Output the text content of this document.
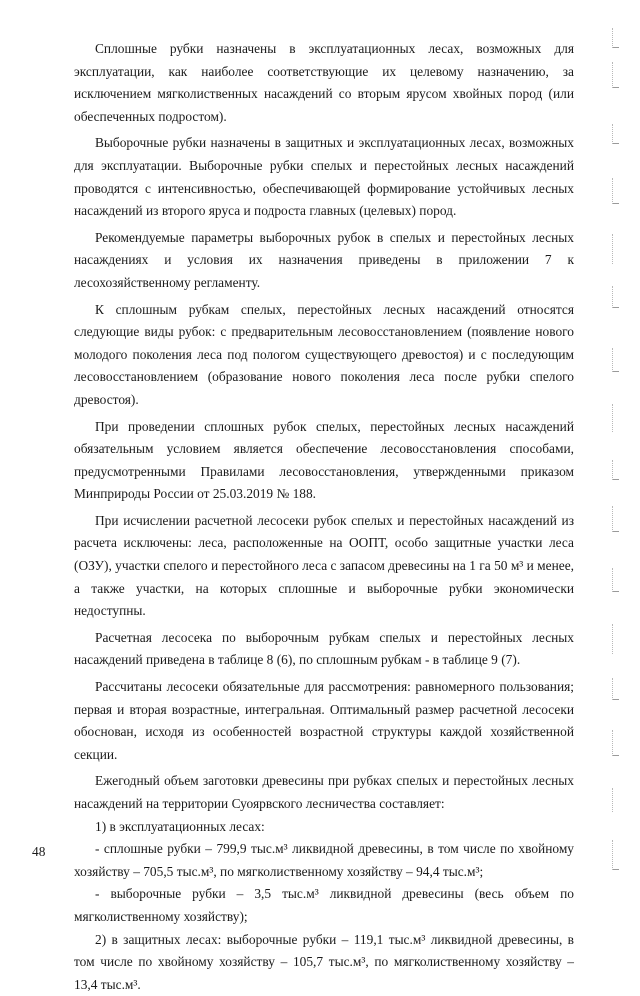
Сплошные рубки назначены в эксплуатационных лесах, возможных для эксплуатации, как наиболее соответствующие их целевому назначению, за исключением мягколиственных насаждений со вторым ярусом хвойных пород (или обеспеченных подростом).

Выборочные рубки назначены в защитных и эксплуатационных лесах, возможных для эксплуатации. Выборочные рубки спелых и перестойных лесных насаждений проводятся с интенсивностью, обеспечивающей формирование устойчивых лесных насаждений из второго яруса и подроста главных (целевых) пород.

Рекомендуемые параметры выборочных рубок в спелых и перестойных лесных насаждениях и условия их назначения приведены в приложении 7 к лесохозяйственному регламенту.

К сплошным рубкам спелых, перестойных лесных насаждений относятся следующие виды рубок: с предварительным лесовосстановлением (появление нового молодого поколения леса под пологом существующего древостоя) и с последующим лесовосстановлением (образование нового поколения леса после рубки спелого древостоя).

При проведении сплошных рубок спелых, перестойных лесных насаждений обязательным условием является обеспечение лесовосстановления способами, предусмотренными Правилами лесовосстановления, утвержденными приказом Минприроды России от 25.03.2019 № 188.

При исчислении расчетной лесосеки рубок спелых и перестойных насаждений из расчета исключены: леса, расположенные на ООПТ, особо защитные участки леса (ОЗУ), участки спелого и перестойного леса с запасом древесины на 1 га 50 м³ и менее, а также участки, на которых сплошные и выборочные рубки экономически недоступны.

Расчетная лесосека по выборочным рубкам спелых и перестойных лесных насаждений приведена в таблице 8 (6), по сплошным рубкам - в таблице 9 (7).

Рассчитаны лесосеки обязательные для рассмотрения: равномерного пользования; первая и вторая возрастные, интегральная. Оптимальный размер расчетной лесосеки обоснован, исходя из особенностей возрастной структуры каждой хозяйственной секции.

Ежегодный объем заготовки древесины при рубках спелых и перестойных лесных насаждений на территории Суоярвского лесничества составляет:

1) в эксплуатационных лесах:

- сплошные рубки – 799,9 тыс.м³ ликвидной древесины, в том числе по хвойному хозяйству – 705,5 тыс.м³, по мягколиственному хозяйству – 94,4 тыс.м³;

- выборочные рубки – 3,5 тыс.м³ ликвидной древесины (весь объем по мягколиственному хозяйству);

2) в защитных лесах: выборочные рубки – 119,1 тыс.м³ ликвидной древесины, в том числе по хвойному хозяйству – 105,7 тыс.м³, по мягколиственному хозяйству – 13,4 тыс.м³.

48
